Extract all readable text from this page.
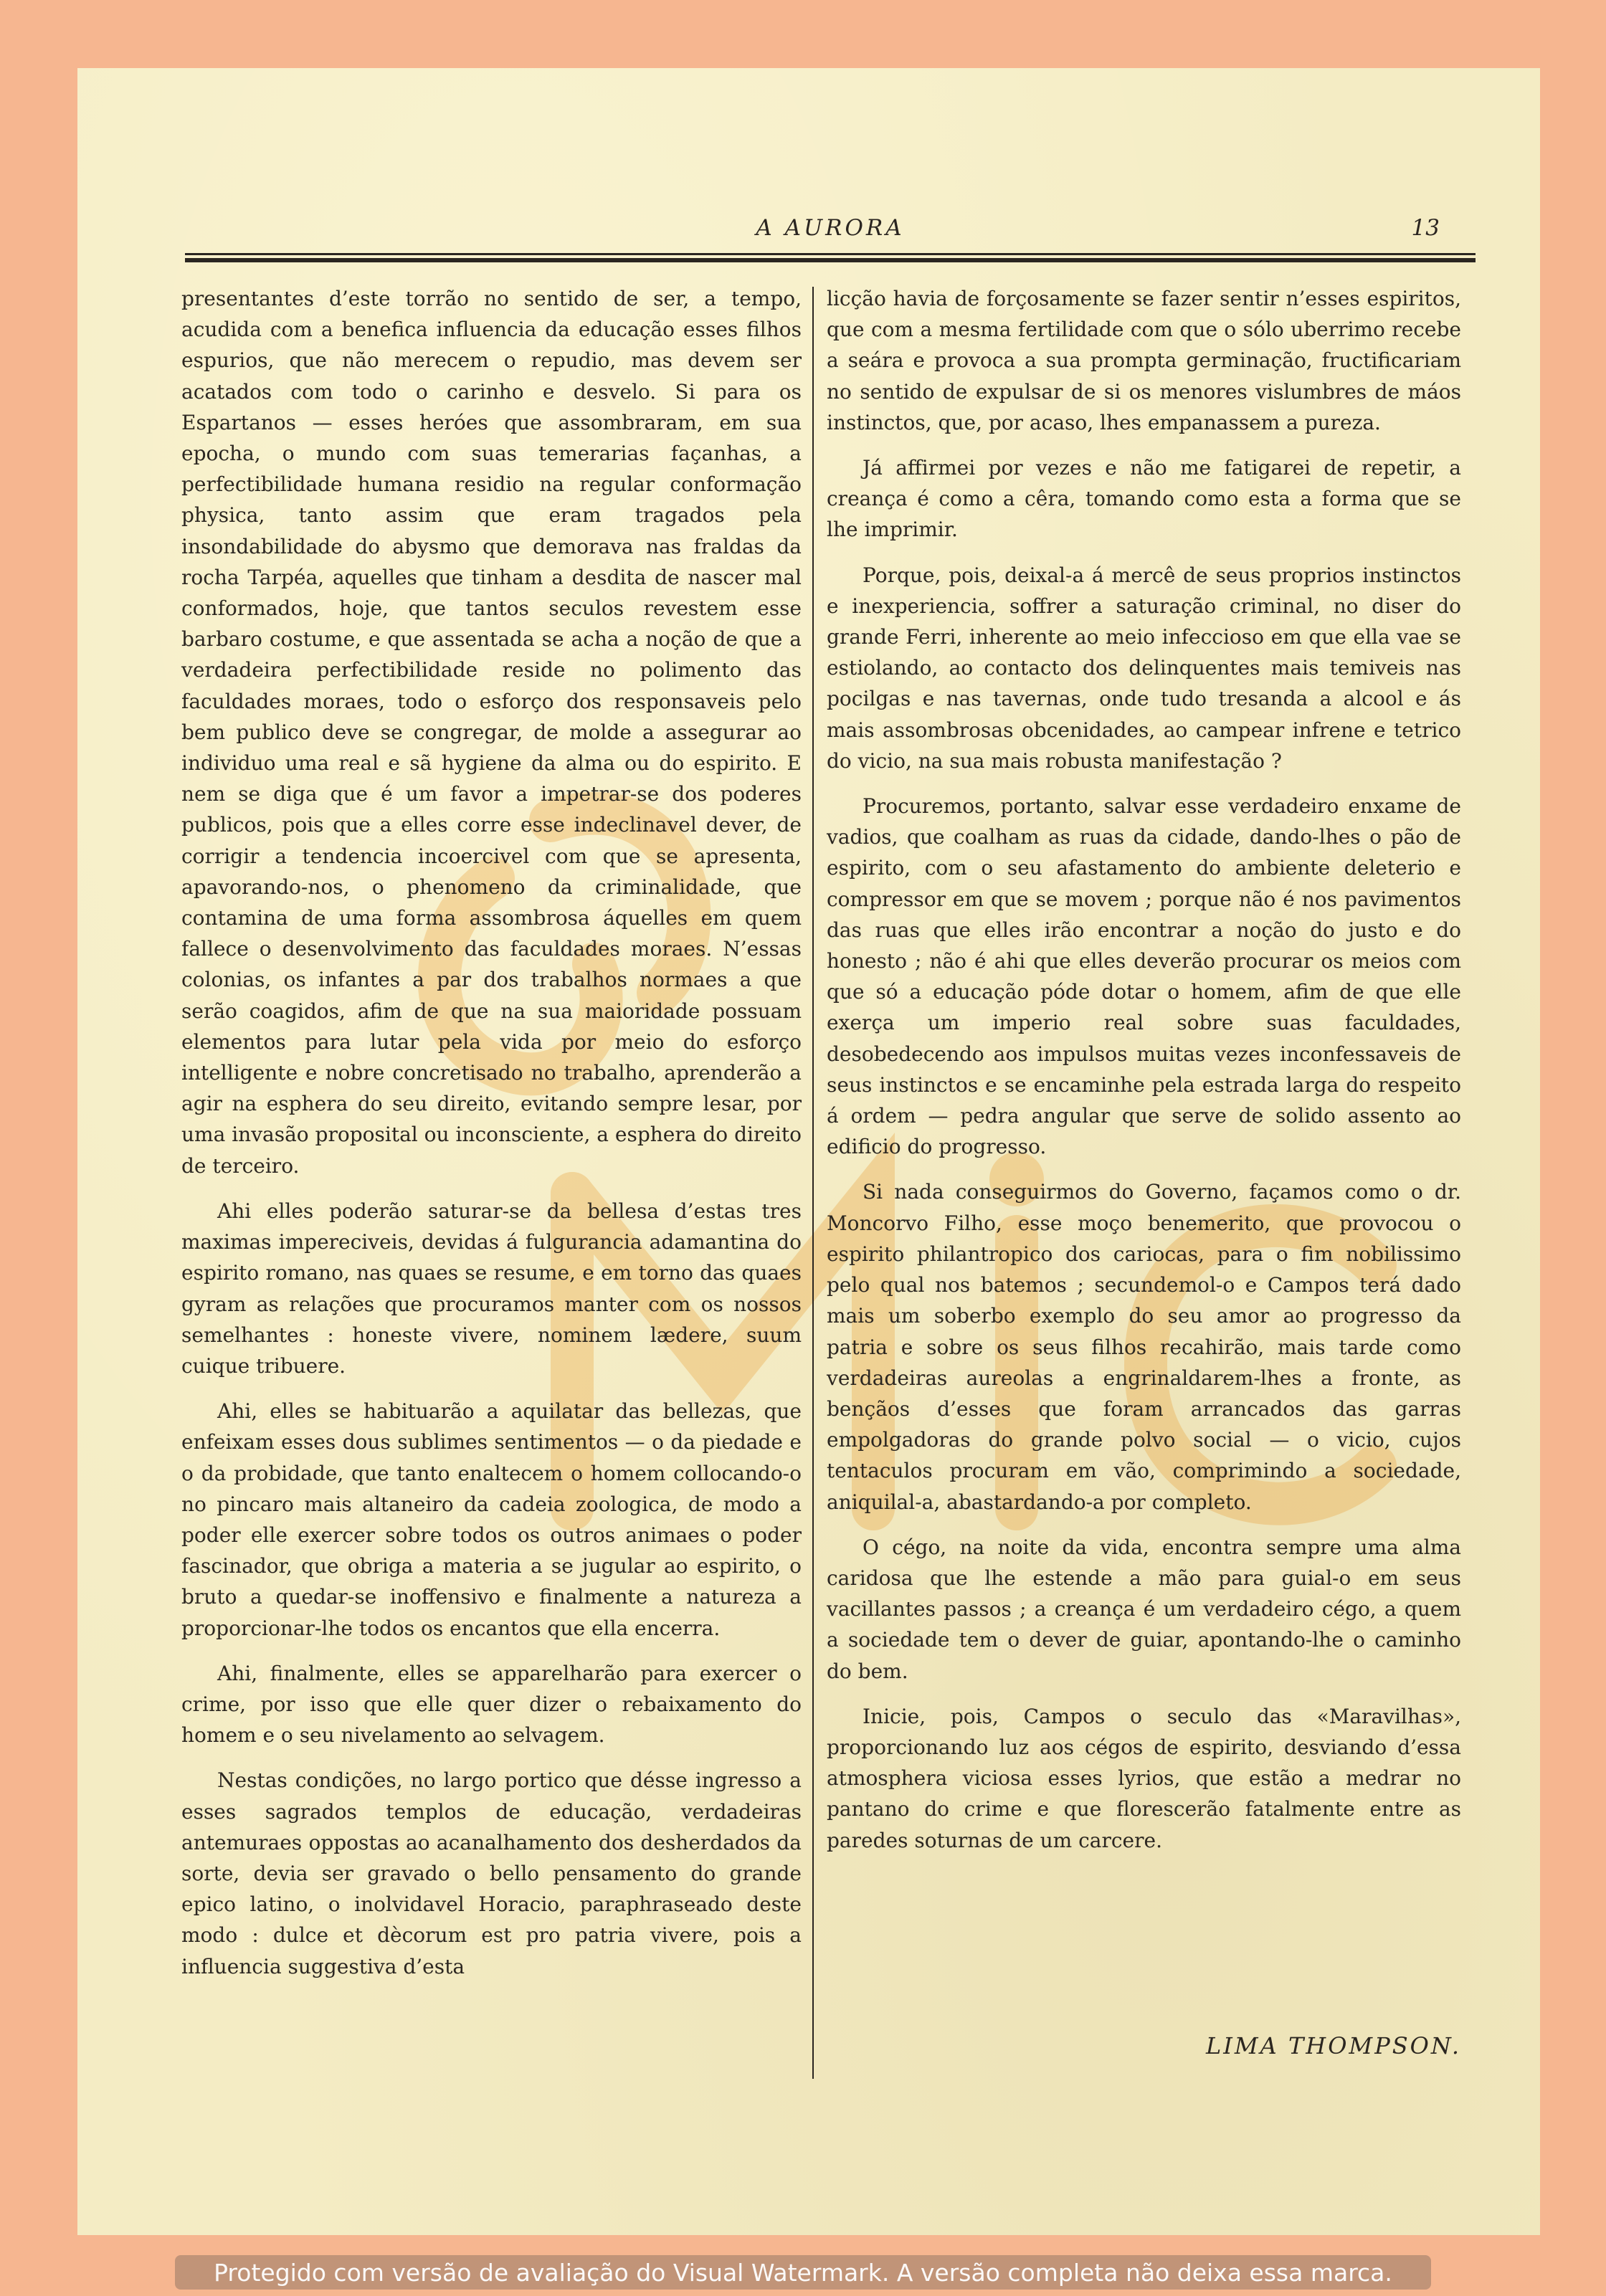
A AURORA	13

presentantes d’este torrão no sentido de ser, a tempo, acudida com a benefica influencia da educação esses filhos espurios, que não merecem o repudio, mas devem ser acatados com todo o carinho e desvelo. Si para os Espartanos — esses heróes que assombraram, em sua epocha, o mundo com suas temerarias façanhas, a perfectibilidade humana residio na regular conformação physica, tanto assim que eram tragados pela insondabilidade do abysmo que demorava nas fraldas da rocha Tarpéa, aquelles que tinham a desdita de nascer mal conformados, hoje, que tantos seculos revestem esse barbaro costume, e que assentada se acha a noção de que a verdadeira perfectibilidade reside no polimento das faculdades moraes, todo o esforço dos responsaveis pelo bem publico deve se congregar, de molde a assegurar ao individuo uma real e sã hygiene da alma ou do espirito. E nem se diga que é um favor a impetrar-se dos poderes publicos, pois que a elles corre esse indeclinavel dever, de corrigir a tendencia incoercivel com que se apresenta, apavorando-nos, o phenomeno da criminalidade, que contamina de uma forma assombrosa áquelles em quem fallece o desenvolvimento das faculdades moraes. N’essas colonias, os infantes a par dos trabalhos normaes a que serão coagidos, afim de que na sua maioridade possuam elementos para lutar pela vida por meio do esforço intelligente e nobre concretisado no trabalho, aprenderão a agir na esphera do seu direito, evitando sempre lesar, por uma invasão proposital ou inconsciente, a esphera do direito de terceiro.

Ahi elles poderão saturar-se da bellesa d’estas tres maximas impereciveis, devidas á fulgurancia adamantina do espirito romano, nas quaes se resume, e em torno das quaes gyram as relações que procuramos manter com os nossos semelhantes : honeste vivere, nominem lædere, suum cuique tribuere.

Ahi, elles se habituarão a aquilatar das bellezas, que enfeixam esses dous sublimes sentimentos — o da piedade e o da probidade, que tanto enaltecem o homem collocando-o no pincaro mais altaneiro da cadeia zoologica, de modo a poder elle exercer sobre todos os outros animaes o poder fascinador, que obriga a materia a se jugular ao espirito, o bruto a quedar-se inoffensivo e finalmente a natureza a proporcionar-lhe todos os encantos que ella encerra.

Ahi, finalmente, elles se apparelharão para exercer o crime, por isso que elle quer dizer o rebaixamento do homem e o seu nivelamento ao selvagem.

Nestas condições, no largo portico que désse ingresso a esses sagrados templos de educação, verdadeiras antemuraes oppostas ao acanalhamento dos desherdados da sorte, devia ser gravado o bello pensamento do grande epico latino, o inolvidavel Horacio, paraphraseado deste modo : dulce et dècorum est pro patria vivere, pois a influencia suggestiva d’esta

licção havia de forçosamente se fazer sentir n’esses espiritos, que com a mesma fertilidade com que o sólo uberrimo recebe a seára e provoca a sua prompta germinação, fructificariam no sentido de expulsar de si os menores vislumbres de máos instinctos, que, por acaso, lhes empanassem a pureza.

Já affirmei por vezes e não me fatigarei de repetir, a creança é como a cêra, tomando como esta a forma que se lhe imprimir.

Porque, pois, deixal-a á mercê de seus proprios instinctos e inexperiencia, soffrer a saturação criminal, no diser do grande Ferri, inherente ao meio infeccioso em que ella vae se estiolando, ao contacto dos delinquentes mais temiveis nas pocilgas e nas tavernas, onde tudo tresanda a alcool e ás mais assombrosas obcenidades, ao campear infrene e tetrico do vicio, na sua mais robusta manifestação ?

Procuremos, portanto, salvar esse verdadeiro enxame de vadios, que coalham as ruas da cidade, dando-lhes o pão de espirito, com o seu afastamento do ambiente deleterio e compressor em que se movem ; porque não é nos pavimentos das ruas que elles irão encontrar a noção do justo e do honesto ; não é ahi que elles deverão procurar os meios com que só a educação póde dotar o homem, afim de que elle exerça um imperio real sobre suas faculdades, desobedecendo aos impulsos muitas vezes inconfessaveis de seus instinctos e se encaminhe pela estrada larga do respeito á ordem — pedra angular que serve de solido assento ao edificio do progresso.

Si nada conseguirmos do Governo, façamos como o dr. Moncorvo Filho, esse moço benemerito, que provocou o espirito philantropico dos cariocas, para o fim nobilissimo pelo qual nos batemos ; secundemol-o e Campos terá dado mais um soberbo exemplo do seu amor ao progresso da patria e sobre os seus filhos recahirão, mais tarde como verdadeiras aureolas a engrinaldarem-lhes a fronte, as bençãos d’esses que foram arrancados das garras empolgadoras do grande polvo social — o vicio, cujos tentaculos procuram em vão, comprimindo a sociedade, aniquilal-a, abastardando-a por completo.

O cégo, na noite da vida, encontra sempre uma alma caridosa que lhe estende a mão para guial-o em seus vacillantes passos ; a creança é um verdadeiro cégo, a quem a sociedade tem o dever de guiar, apontando-lhe o caminho do bem.

Inicie, pois, Campos o seculo das «Maravilhas», proporcionando luz aos cégos de espirito, desviando d’essa atmosphera viciosa esses lyrios, que estão a medrar no pantano do crime e que florescerão fatalmente entre as paredes soturnas de um carcere.

LIMA THOMPSON.
Protegido com versão de avaliação do Visual Watermark. A versão completa não deixa essa marca.
